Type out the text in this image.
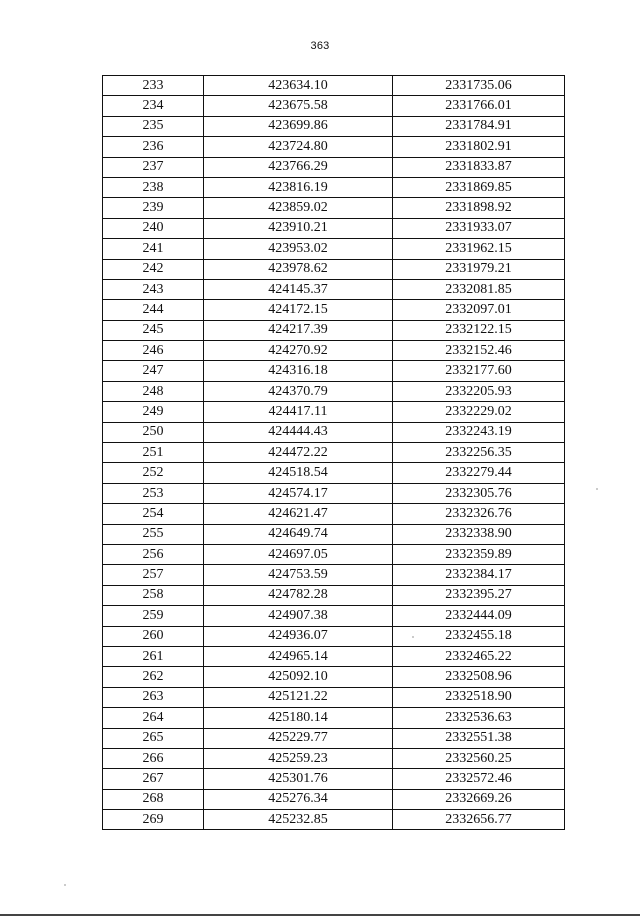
363
233	423634.10	2331735.06
234	423675.58	2331766.01
235	423699.86	2331784.91
236	423724.80	2331802.91
237	423766.29	2331833.87
238	423816.19	2331869.85
239	423859.02	2331898.92
240	423910.21	2331933.07
241	423953.02	2331962.15
242	423978.62	2331979.21
243	424145.37	2332081.85
244	424172.15	2332097.01
245	424217.39	2332122.15
246	424270.92	2332152.46
247	424316.18	2332177.60
248	424370.79	2332205.93
249	424417.11	2332229.02
250	424444.43	2332243.19
251	424472.22	2332256.35
252	424518.54	2332279.44
253	424574.17	2332305.76
254	424621.47	2332326.76
255	424649.74	2332338.90
256	424697.05	2332359.89
257	424753.59	2332384.17
258	424782.28	2332395.27
259	424907.38	2332444.09
260	424936.07	2332455.18
261	424965.14	2332465.22
262	425092.10	2332508.96
263	425121.22	2332518.90
264	425180.14	2332536.63
265	425229.77	2332551.38
266	425259.23	2332560.25
267	425301.76	2332572.46
268	425276.34	2332669.26
269	425232.85	2332656.77
